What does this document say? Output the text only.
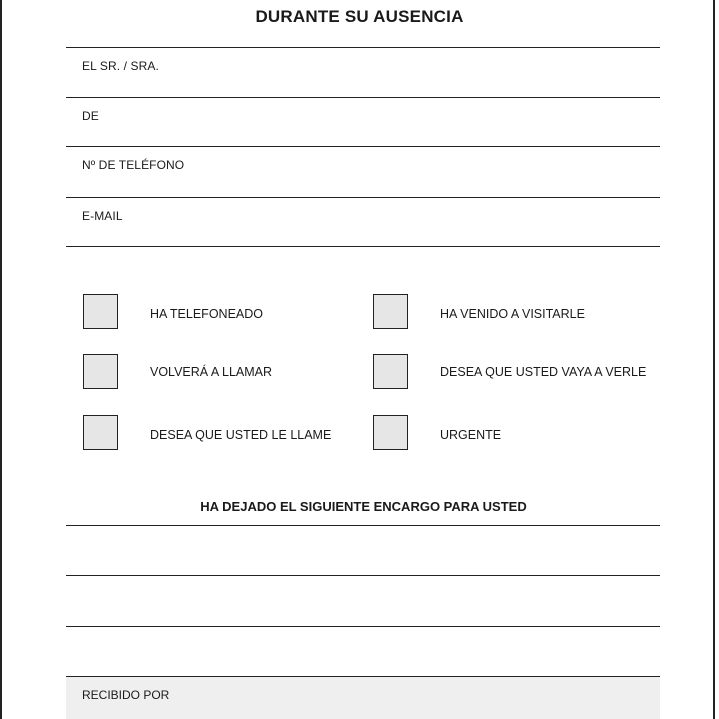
DURANTE SU AUSENCIA
EL SR. / SRA.
DE
Nº DE TELÉFONO
E-MAIL
HA TELEFONEADO	HA VENIDO A VISITARLE
VOLVERÁ A LLAMAR	DESEA QUE USTED VAYA A VERLE
DESEA QUE USTED LE LLAME	URGENTE
HA DEJADO EL SIGUIENTE ENCARGO PARA USTED
RECIBIDO POR
